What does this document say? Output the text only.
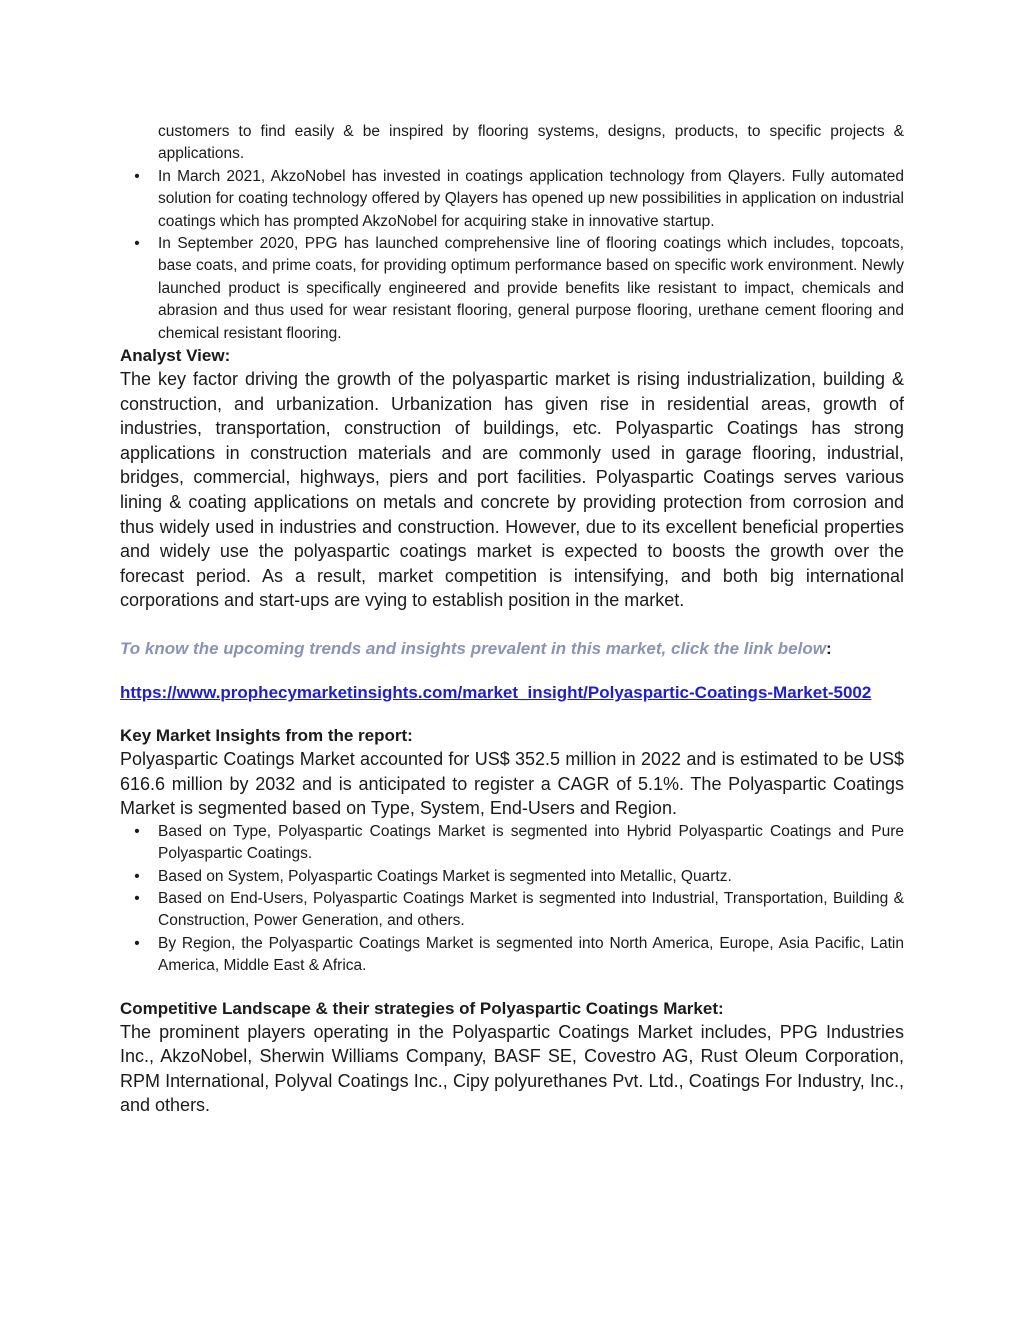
customers to find easily & be inspired by flooring systems, designs, products, to specific projects & applications.
• In March 2021, AkzoNobel has invested in coatings application technology from Qlayers. Fully automated solution for coating technology offered by Qlayers has opened up new possibilities in application on industrial coatings which has prompted AkzoNobel for acquiring stake in innovative startup.
• In September 2020, PPG has launched comprehensive line of flooring coatings which includes, topcoats, base coats, and prime coats, for providing optimum performance based on specific work environment. Newly launched product is specifically engineered and provide benefits like resistant to impact, chemicals and abrasion and thus used for wear resistant flooring, general purpose flooring, urethane cement flooring and chemical resistant flooring.
Analyst View:

The key factor driving the growth of the polyaspartic market is rising industrialization, building & construction, and urbanization. Urbanization has given rise in residential areas, growth of industries, transportation, construction of buildings, etc. Polyaspartic Coatings has strong applications in construction materials and are commonly used in garage flooring, industrial, bridges, commercial, highways, piers and port facilities. Polyaspartic Coatings serves various lining & coating applications on metals and concrete by providing protection from corrosion and thus widely used in industries and construction. However, due to its excellent beneficial properties and widely use the polyaspartic coatings market is expected to boosts the growth over the forecast period. As a result, market competition is intensifying, and both big international corporations and start-ups are vying to establish position in the market.

To know the upcoming trends and insights prevalent in this market, click the link below:

https://www.prophecymarketinsights.com/market_insight/Polyaspartic-Coatings-Market-5002
Key Market Insights from the report:

Polyaspartic Coatings Market accounted for US$ 352.5 million in 2022 and is estimated to be US$ 616.6 million by 2032 and is anticipated to register a CAGR of 5.1%. The Polyaspartic Coatings Market is segmented based on Type, System, End-Users and Region.

• Based on Type, Polyaspartic Coatings Market is segmented into Hybrid Polyaspartic Coatings and Pure Polyaspartic Coatings.
• Based on System, Polyaspartic Coatings Market is segmented into Metallic, Quartz.
• Based on End-Users, Polyaspartic Coatings Market is segmented into Industrial, Transportation, Building & Construction, Power Generation, and others.
• By Region, the Polyaspartic Coatings Market is segmented into North America, Europe, Asia Pacific, Latin America, Middle East & Africa.
Competitive Landscape & their strategies of Polyaspartic Coatings Market:

The prominent players operating in the Polyaspartic Coatings Market includes, PPG Industries Inc., AkzoNobel, Sherwin Williams Company, BASF SE, Covestro AG, Rust Oleum Corporation, RPM International, Polyval Coatings Inc., Cipy polyurethanes Pvt. Ltd., Coatings For Industry, Inc., and others.
